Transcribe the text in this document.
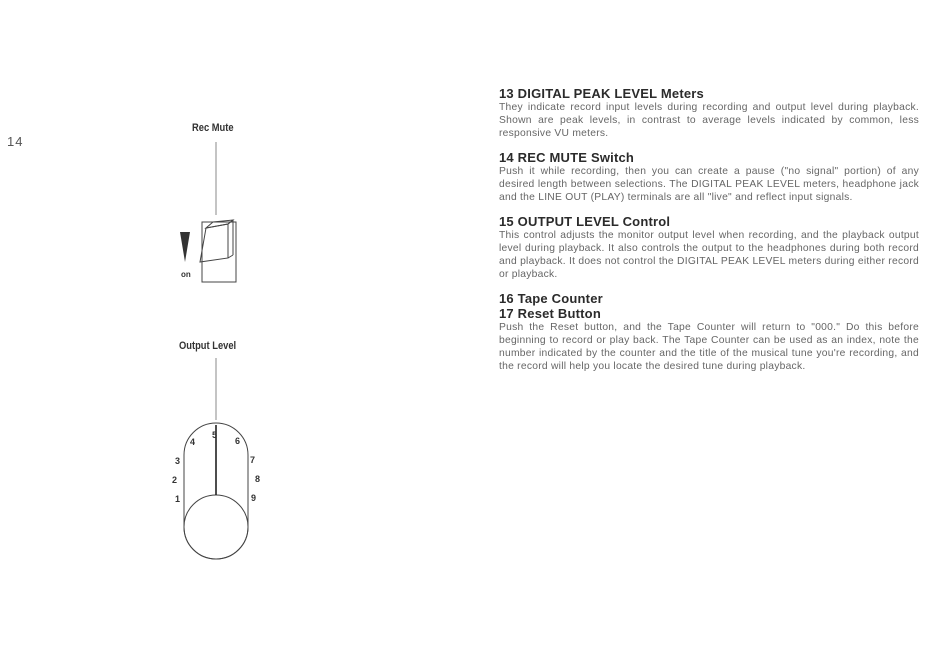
14
Rec Mute
Output Level
on
1
2
3
4
5
6
7
8
9
13 DIGITAL PEAK LEVEL Meters
They indicate record input levels during recording and output level during playback. Shown are peak levels, in contrast to average levels indicated by common, less responsive VU meters.
14 REC MUTE Switch
Push it while recording, then you can create a pause ("no signal" portion) of any desired length between selections. The DIGITAL PEAK LEVEL meters, headphone jack and the LINE OUT (PLAY) terminals are all "live" and reflect input signals.
15 OUTPUT LEVEL Control
This control adjusts the monitor output level when recording, and the playback output level during playback. It also controls the output to the headphones during both record and playback. It does not control the DIGITAL PEAK LEVEL meters during either record or playback.
16 Tape Counter
17 Reset Button
Push the Reset button, and the Tape Counter will return to "000." Do this before beginning to record or play back. The Tape Counter can be used as an index, note the number indicated by the counter and the title of the musical tune you're recording, and the record will help you locate the desired tune during playback.
